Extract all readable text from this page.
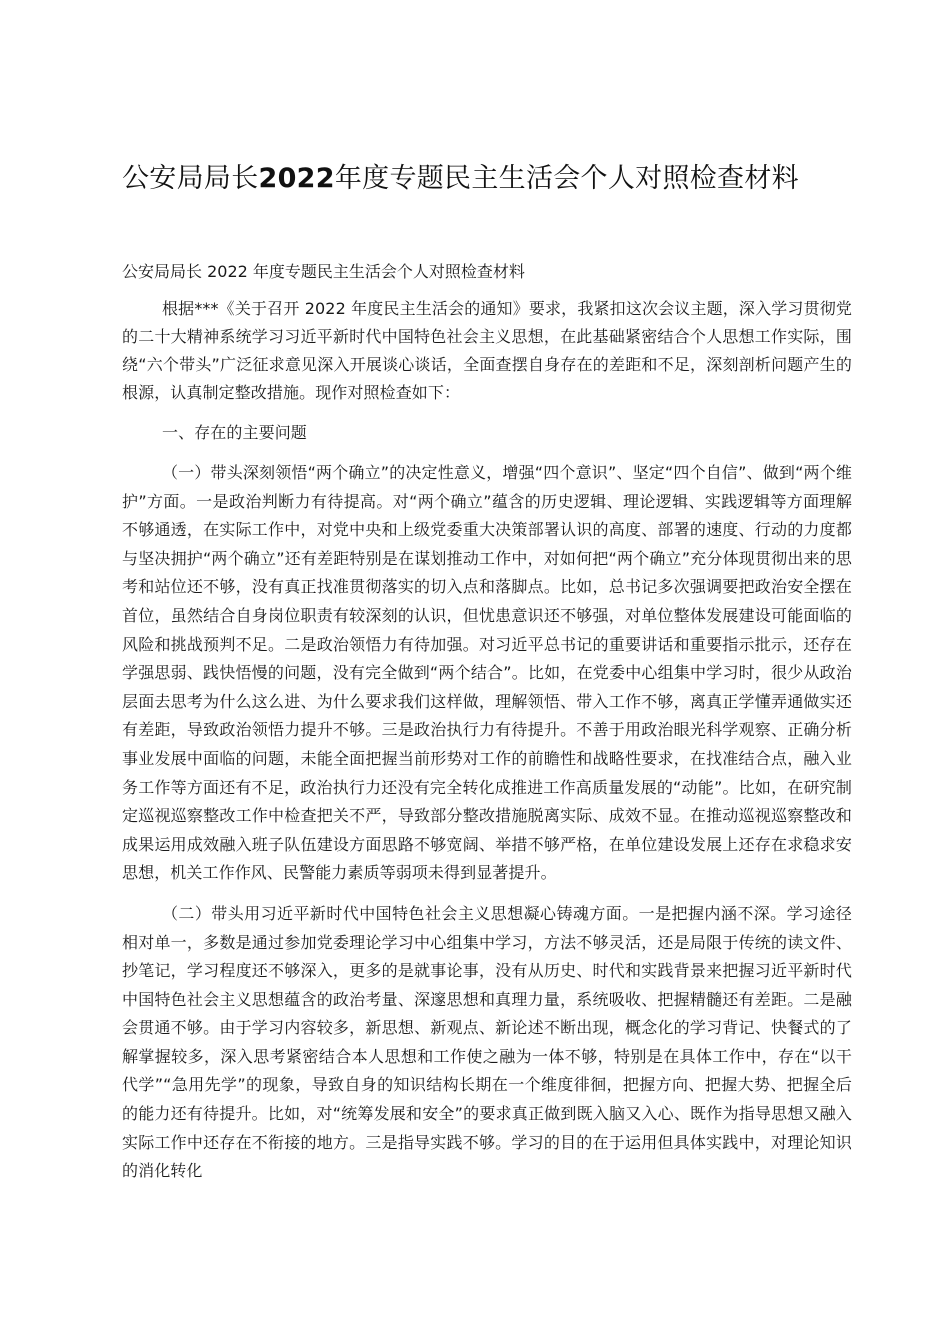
公安局局长2022年度专题民主生活会个人对照检查材料

公安局局长 2022 年度专题民主生活会个人对照检查材料

根据***《关于召开 2022 年度民主生活会的通知》要求，我紧扣这次会议主题，深入学习贯彻党的二十大精神系统学习习近平新时代中国特色社会主义思想，在此基础紧密结合个人思想工作实际，围绕“六个带头”广泛征求意见深入开展谈心谈话，全面查摆自身存在的差距和不足，深刻剖析问题产生的根源，认真制定整改措施。现作对照检查如下：

一、存在的主要问题

（一）带头深刻领悟“两个确立”的决定性意义，增强“四个意识”、坚定“四个自信”、做到“两个维护”方面。一是政治判断力有待提高。对“两个确立”蕴含的历史逻辑、理论逻辑、实践逻辑等方面理解不够通透，在实际工作中，对党中央和上级党委重大决策部署认识的高度、部署的速度、行动的力度都与坚决拥护“两个确立”还有差距特别是在谋划推动工作中，对如何把“两个确立”充分体现贯彻出来的思考和站位还不够，没有真正找准贯彻落实的切入点和落脚点。比如，总书记多次强调要把政治安全摆在首位，虽然结合自身岗位职责有较深刻的认识，但忧患意识还不够强，对单位整体发展建设可能面临的风险和挑战预判不足。二是政治领悟力有待加强。对习近平总书记的重要讲话和重要指示批示，还存在学强思弱、践快悟慢的问题，没有完全做到“两个结合”。比如，在党委中心组集中学习时，很少从政治层面去思考为什么这么进、为什么要求我们这样做，理解领悟、带入工作不够，离真正学懂弄通做实还有差距，导致政治领悟力提升不够。三是政治执行力有待提升。不善于用政治眼光科学观察、正确分析事业发展中面临的问题，未能全面把握当前形势对工作的前瞻性和战略性要求，在找准结合点，融入业务工作等方面还有不足，政治执行力还没有完全转化成推进工作高质量发展的“动能”。比如，在研究制定巡视巡察整改工作中检查把关不严，导致部分整改措施脱离实际、成效不显。在推动巡视巡察整改和成果运用成效融入班子队伍建设方面思路不够宽阔、举措不够严格，在单位建设发展上还存在求稳求安思想，机关工作作风、民警能力素质等弱项未得到显著提升。

（二）带头用习近平新时代中国特色社会主义思想凝心铸魂方面。一是把握内涵不深。学习途径相对单一，多数是通过参加党委理论学习中心组集中学习，方法不够灵活，还是局限于传统的读文件、抄笔记，学习程度还不够深入，更多的是就事论事，没有从历史、时代和实践背景来把握习近平新时代中国特色社会主义思想蕴含的政治考量、深邃思想和真理力量，系统吸收、把握精髓还有差距。二是融会贯通不够。由于学习内容较多，新思想、新观点、新论述不断出现，概念化的学习背记、快餐式的了解掌握较多，深入思考紧密结合本人思想和工作使之融为一体不够，特别是在具体工作中，存在“以干代学”“急用先学”的现象，导致自身的知识结构长期在一个维度徘徊，把握方向、把握大势、把握全后的能力还有待提升。比如，对“统筹发展和安全”的要求真正做到既入脑又入心、既作为指导思想又融入实际工作中还存在不衔接的地方。三是指导实践不够。学习的目的在于运用但具体实践中，对理论知识的消化转化
